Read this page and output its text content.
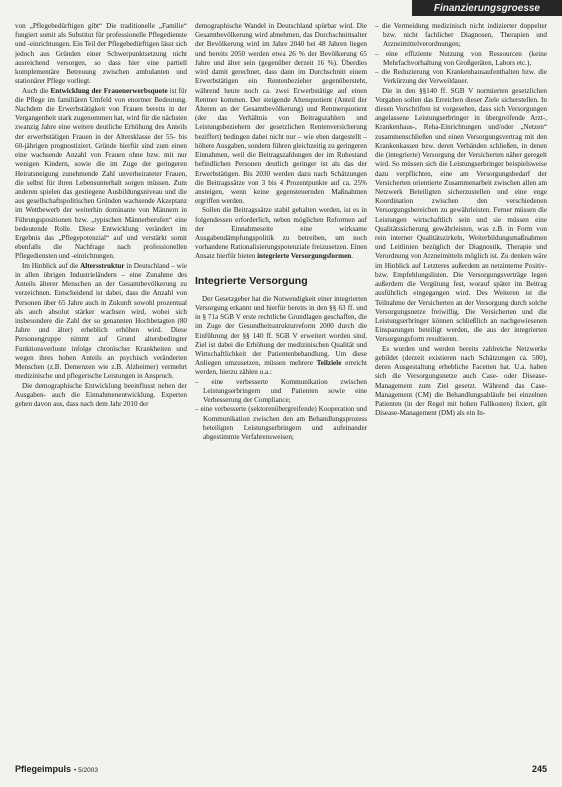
Finanzierungsgroesse

von „Pflegebedürftigen gibt“ Die traditionelle „Familie“ fungiert somit als Substitut für professionelle Pflegedienste und -einrichtungen. Ein Teil der Pflegebedürftigen lässt sich jedoch aus Gründen einer Schwerpunktsetzung nicht ausreichend versorgen, so dass hier eine partiell komplementäre Betreuung zwischen ambulanten und stationärer Pflege vorliegt.

Auch die Entwicklung der Frauenerwerbsquote ist für die Pflege im familiären Umfeld von enormer Bedeutung. Nachdem die Erwerbstätigkeit von Frauen bereits in der Vergangenheit stark zugenommen hat, wird für die nächsten zwanzig Jahre eine weitere deutliche Erhöhung des Anteils der erwerbstätigen Frauen in der Altersklasse der 55- bis 60-jährigen prognostiziert. Gründe hierfür sind zum einen eine wachsende Anzahl von Frauen ohne bzw. mit nur wenigen Kindern, sowie die im Zuge der geringeren Heiratsneigung zunehmende Zahl unverheirateter Frauen, die selbst für ihren Lebensunterhalt sorgen müssen. Zum anderen spielen das gestiegene Ausbildungsniveau und die aus gesellschaftspolitischen Gründen wachsende Akzeptanz im Wettbewerb der weiterhin dominante von Männern in Führungspositionen bzw. „typischen Männerberufen“ eine bedeutende Rolle. Diese Entwicklung verändert im Ergebnis das „Pflegepotenzial“ auf und verstärkt somit ebenfalls die Nachfrage nach professionellen Pflegediensten und -einrichtungen.

Im Hinblick auf die Altersstruktur in Deutschland – wie in allen übrigen Industrieländern – eine Zunahme des Anteils älterer Menschen an der Gesamtbevölkerung zu verzeichnen. Entscheidend ist dabei, dass die Anzahl von Personen über 65 Jahre auch in Zukunft sowohl prozentual als auch absolut stärker wachsen wird, wobei sich insbesondere die Zahl der so genannten Hochbetagten (80 Jahre und älter) erheblich erhöhen wird. Diese Personengruppe nimmt auf Grund altersbedingter Funktionsverluste infolge chronischer Krankheiten und wegen ihres hohen Anteils an psychisch veränderten Menschen (z.B. Demenzen wie z.B. Alzheimer) vermehrt medizinische und pflegerische Leistungen in Anspruch.

Die demographische Entwicklung beeinflusst neben der Ausgaben- auch die Einnahmenentwicklung. Experten gehen davon aus, dass nach dem Jahr 2010 der

demographische Wandel in Deutschland spürbar wird. Die Gesamtbevölkerung wird abnehmen, das Durchschnittsalter der Bevölkerung wird im Jahre 2040 bei 48 Jahren liegen und bereits 2050 werden etwa 26 % der Bevölkerung 65 Jahre und älter sein (gegenüber derzeit 16 %). Überdies wird damit gerechnet, dass dann im Durchschnitt einem Erwerbstätigen ein Rentenbezieher gegenübersteht, während heute noch ca. zwei Erwerbstätige auf einen Rentner kommen. Der steigende Altenquotient (Anteil der Älteren an der Gesamtbevölkerung) und Rentnerquotient (der das Verhältnis von Beitragszahlern und Leistungsbeziehern der gesetzlichen Rentenversicherung beziffert) bedingen dabei nicht nur – wie eben dargestellt – höhere Ausgaben, sondern führen gleichzeitig zu geringeren Einnahmen, weil die Beitragszahlungen der im Ruhestand befindlichen Personen deutlich geringer ist als das der Erwerbstätigen. Bis 2030 werden dazu nach Schätzungen die Beitragssätze von 3 bis 4 Prozentpunkte auf ca. 25% ansteigen, wenn keine gegensteuernden Maßnahmen ergriffen werden.

Sollen die Beitragssätze stabil gehalten werden, ist es in folgendessen erforderlich, neben möglichen Reformen auf der Einnahmeseite eine wirksame Ausgabendämpfungspolitik zu betreiben, um noch vorhandene Rationalisierungspotenziale freizusetzen. Einen Ansatz hierfür bieten integrierte Versorgungsformen.

Integrierte Versorgung

Der Gesetzgeber hat die Notwendigkeit einer integrierten Versorgung erkannt und hierfür bereits in den §§ 63 ff. und in § 71a SGB V erste rechtliche Grundlagen geschaffen, die im Zuge der Gesundheitsstrukturreform 2000 durch die Einführung der §§ 140 ff. SGB V erweitert worden sind. Ziel ist dabei die Erhöhung der medizinischen Qualität und Wirtschaftlichkeit der Patientenbehandlung. Um diese Anliegen umzusetzen, müssen mehrere Teilziele erreicht werden, hierzu zählen u.a.:

– eine verbesserte Kommunikation zwischen Leistungserbringern und Patienten sowie eine Verbesserung der Compliance;
– eine verbesserte (sektorenübergreifende) Kooperation und Kommunikation zwischen den am Behandlungsprozess beteiligten Leistungserbringern und aufeinander abgestimmte Verfahrensweisen;
– die Vermeidung medizinisch nicht indizierter doppelter bzw. nicht fachlicher Diagnosen, Therapien und Arzneimittelverordnungen;
– eine effiziente Nutzung von Ressourcen (keine Mehrfachvorhaltung von Großgeräten, Labors etc.),
– die Reduzierung von Krankenhausaufenthalten bzw. die Verkürzung der Verweildauer.

Die in den §§140 ff. SGB V normierten gesetzlichen Vorgaben sollen das Erreichen dieser Ziele sicherstellen. In diesen Vorschriften ist vorgesehen, dass sich Versorgungen angelassene Leistungserbringer in übergreifende Arzt-, Krankenhaus-, Reha-Einrichtungen und/oder „Netzen“ zusammenschließen und einen Versorgungsvertrag mit den Krankenkassen bzw. deren Verbänden schließen, in denen die (integrierte) Versorgung der Versicherten näher geregelt wird. So müssen sich die Leistungserbringer beispielsweise dazu verpflichten, eine am Versorgungsbedarf der Versicherten orientierte Zusammenarbeit zwischen allen am Netzwerk Beteiligten sicherzustellen und eine enge Koordination zwischen den verschiedenen Versorgungsbereichen zu gewährleisten. Ferner müssen die Leistungen wirtschaftlich sein und sie müssen eine Qualitätssicherung gewährleisten, was z.B. in Form von rein interner Qualitätszirkeln, Weiterbildungsmaßnahmen und Leitlinien bezüglich der Diagnostik, Therapie und Verordnung von Arzneimitteln möglich ist. Zu denken wäre im Hinblick auf Letzteres außerdem an netzinterne Positiv- bzw. Empfehlungslisten. Die Versorgungsverträge legen außerdem die Vergütung fest, worauf später im Beitrag ausführlich eingegangen wird. Des Weiteren ist die Teilnahme der Versicherten an der Versorgung durch solche Versorgungsnetze freiwillig. Die Versicherten und die Leistungserbringer können schließlich an nachgewiesenen Einsparungen beteiligt werden, die aus der integrierten Versorgungsform resultieren.

Es wurden und werden bereits zahlreiche Netzwerke gebildet (derzeit existieren nach Schätzungen ca. 500), deren Ausgestaltung erhebliche Facetten hat. U.a. haben sich die Versorgungsnetze auch Case- oder Disease-Management zum Ziel gesetzt. Während das Case-Management (CM) die Behandlungsabläufe bei einzelnen Patienten (in der Regel mit hohen Fallkosten) fixiert, gilt Disease-Management (DM) als ein In-

Pflegeimpuls • 5/2003	245
